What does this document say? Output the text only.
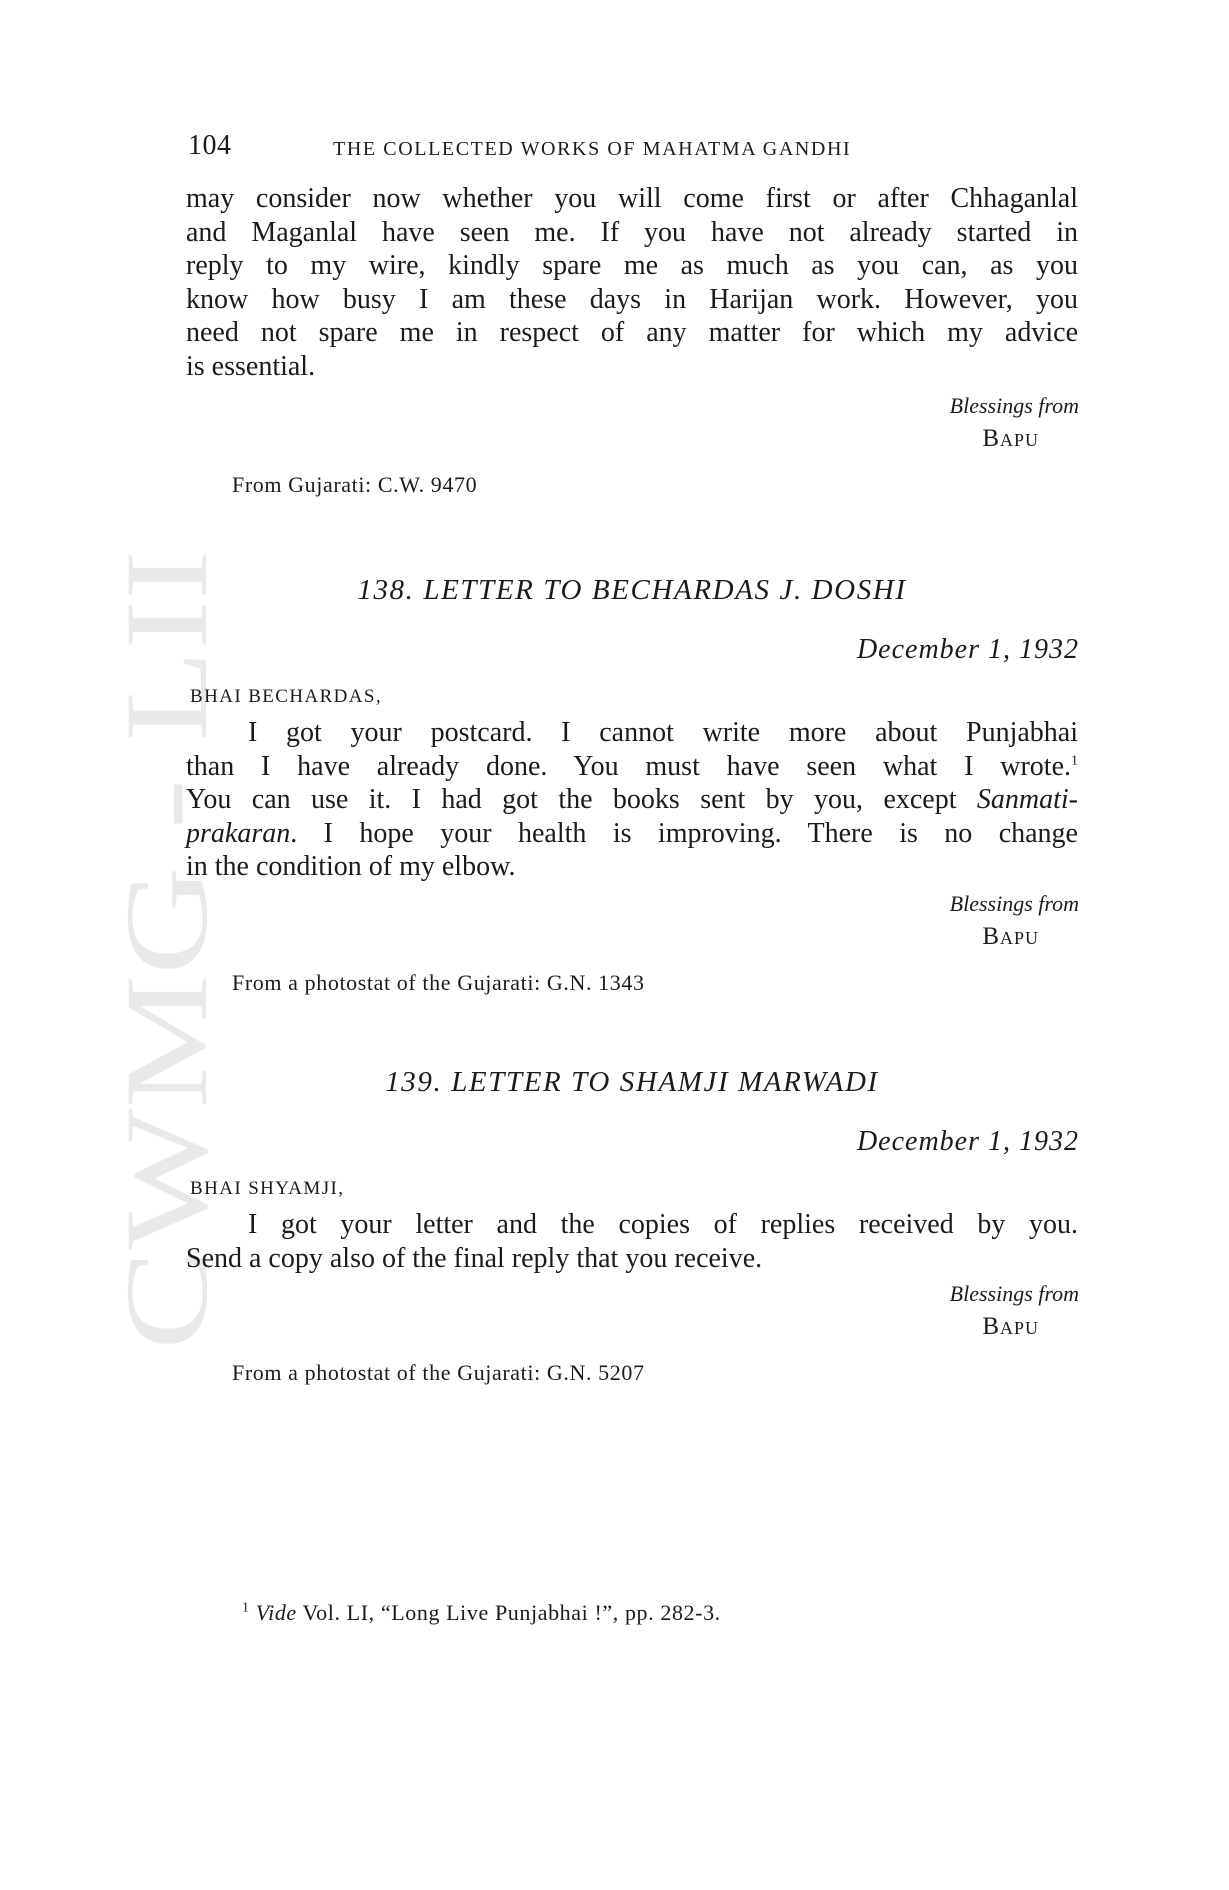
CWMG LII
104	THE COLLECTED WORKS OF MAHATMA GANDHI
may consider now whether you will come first or after Chhaganlal
and Maganlal have seen me. If you have not already started in
reply to my wire, kindly spare me as much as you can, as you
know how busy I am these days in Harijan work. However, you
need not spare me in respect of any matter for which my advice
is essential.
Blessings from
Bapu
From Gujarati: C.W. 9470
138. LETTER TO BECHARDAS J. DOSHI
December 1, 1932
BHAI BECHARDAS,
I got your postcard. I cannot write more about Punjabhai
than I have already done. You must have seen what I wrote.$^1$
You can use it. I had got the books sent by you, except Sanmati-
prakaran. I hope your health is improving. There is no change
in the condition of my elbow.
Blessings from
Bapu
From a photostat of the Gujarati: G.N. 1343
139. LETTER TO SHAMJI MARWADI
December 1, 1932
BHAI SHYAMJI,
I got your letter and the copies of replies received by you.
Send a copy also of the final reply that you receive.
Blessings from
Bapu
From a photostat of the Gujarati: G.N. 5207
$^1$ Vide Vol. LI, “Long Live Punjabhai !”, pp. 282-3.
